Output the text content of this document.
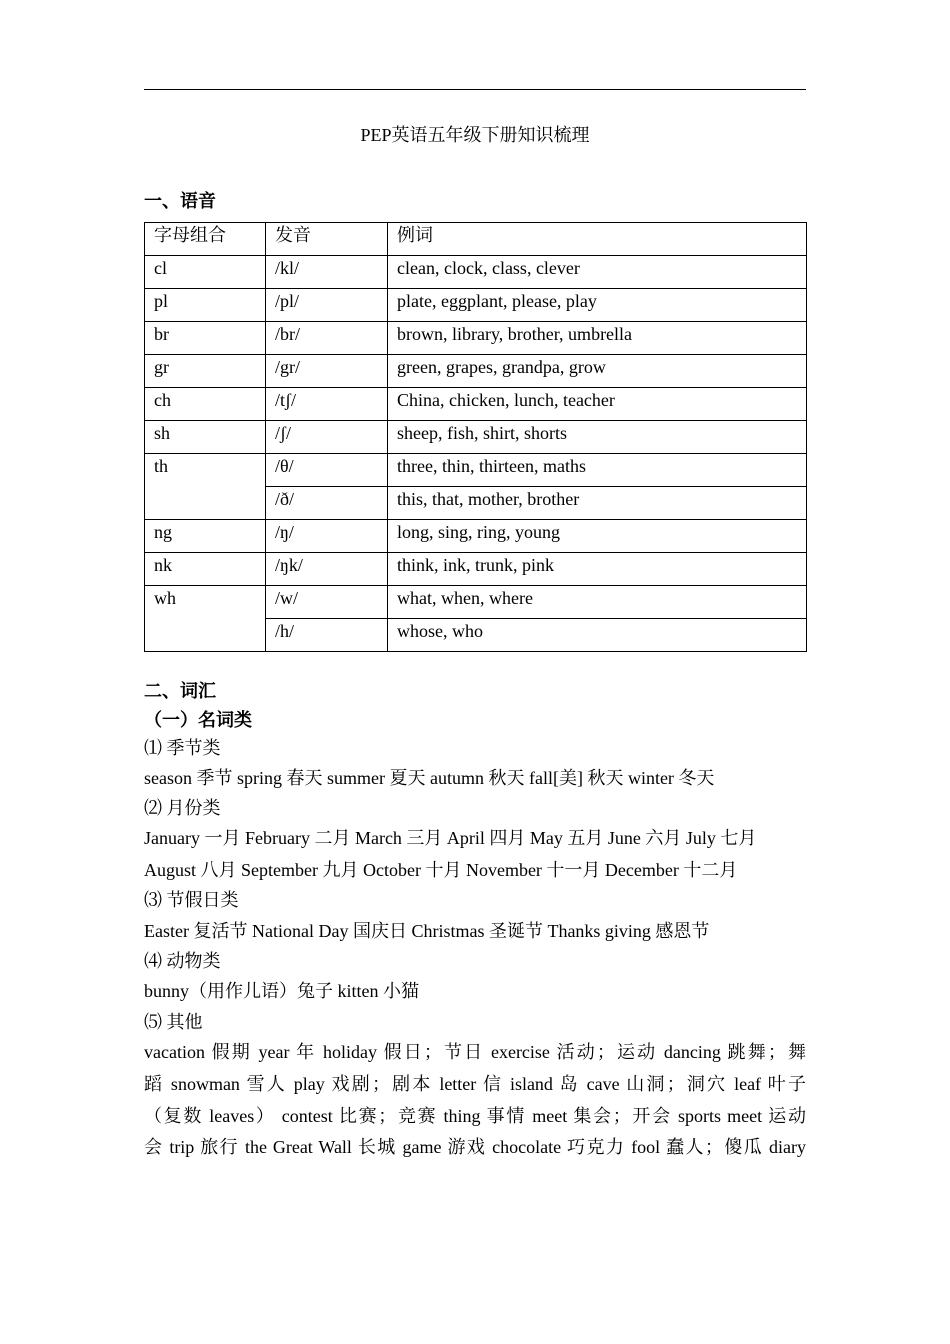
PEP英语五年级下册知识梳理
一、语音
字母组合	发音	例词
cl	/kl/	clean, clock, class, clever
pl	/pl/	plate, eggplant, please, play
br	/br/	brown, library, brother, umbrella
gr	/gr/	green, grapes, grandpa, grow
ch	/tʃ/	China, chicken, lunch, teacher
sh	/ʃ/	sheep, fish, shirt, shorts
th	/θ/	three, thin, thirteen, maths
	/ð/	this, that, mother, brother
ng	/ŋ/	long, sing, ring, young
nk	/ŋk/	think, ink, trunk, pink
wh	/w/	what, when, where
	/h/	whose, who
二、词汇
（一）名词类
⑴ 季节类
season 季节 spring 春天 summer 夏天 autumn 秋天 fall[美] 秋天 winter 冬天
⑵ 月份类
January 一月 February 二月 March 三月 April 四月 May 五月 June 六月 July 七月
August 八月 September 九月 October 十月 November 十一月 December 十二月
⑶ 节假日类
Easter 复活节 National Day 国庆日 Christmas 圣诞节 Thanks giving 感恩节
⑷ 动物类
bunny（用作儿语）兔子 kitten 小猫
⑸ 其他
vacation 假期 year 年 holiday 假日；节日 exercise 活动；运动 dancing 跳舞；舞
蹈 snowman 雪人 play 戏剧；剧本 letter 信 island 岛 cave 山洞；洞穴 leaf 叶子
（复数 leaves） contest 比赛；竞赛 thing 事情 meet 集会；开会 sports meet 运动
会 trip 旅行 the Great Wall 长城 game 游戏 chocolate 巧克力 fool 蠢人；傻瓜 diary
